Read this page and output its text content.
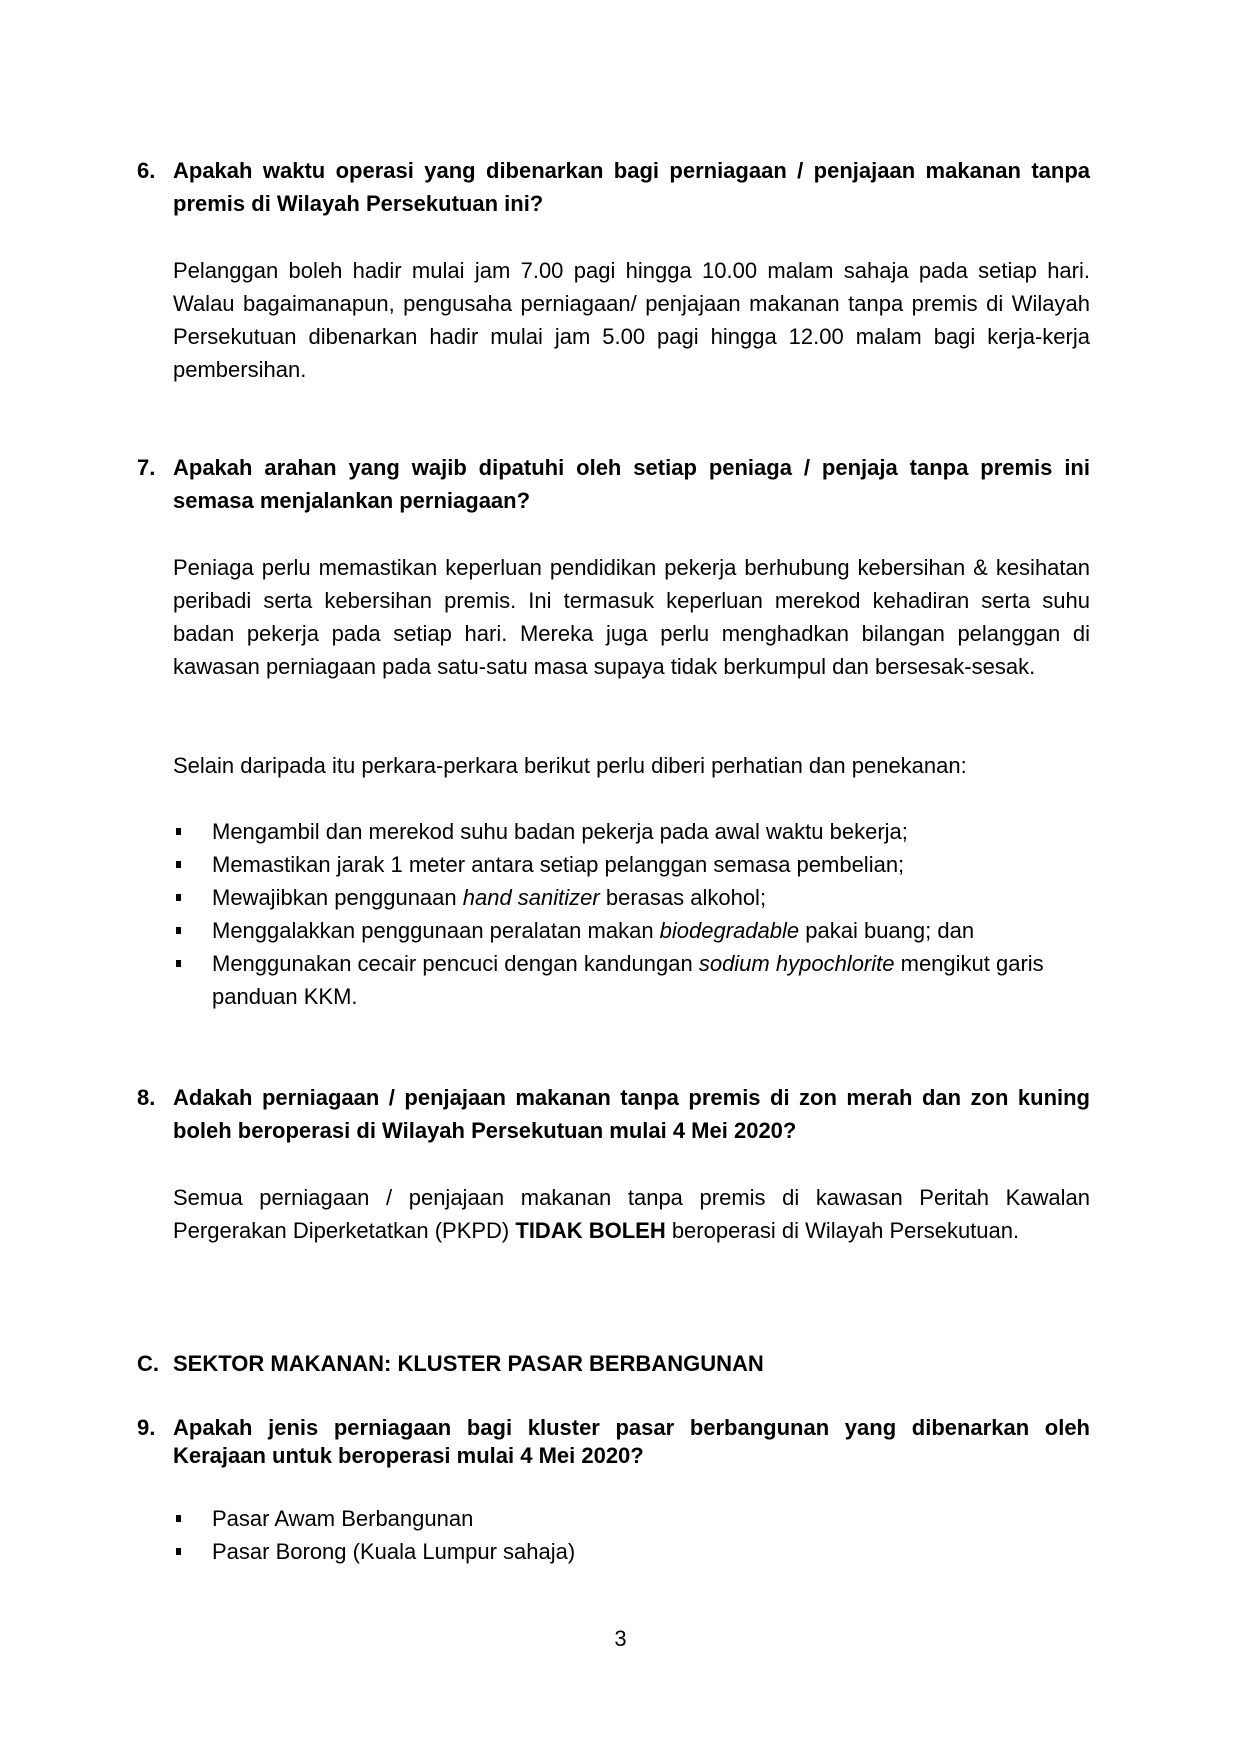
6. Apakah waktu operasi yang dibenarkan bagi perniagaan / penjajaan makanan tanpa premis di Wilayah Persekutuan ini?
Pelanggan boleh hadir mulai jam 7.00 pagi hingga 10.00 malam sahaja pada setiap hari. Walau bagaimanapun, pengusaha perniagaan/ penjajaan makanan tanpa premis di Wilayah Persekutuan dibenarkan hadir mulai jam 5.00 pagi hingga 12.00 malam bagi kerja-kerja pembersihan.
7. Apakah arahan yang wajib dipatuhi oleh setiap peniaga / penjaja tanpa premis ini semasa menjalankan perniagaan?
Peniaga perlu memastikan keperluan pendidikan pekerja berhubung kebersihan & kesihatan peribadi serta kebersihan premis. Ini termasuk keperluan merekod kehadiran serta suhu badan pekerja pada setiap hari. Mereka juga perlu menghadkan bilangan pelanggan di kawasan perniagaan pada satu-satu masa supaya tidak berkumpul dan bersesak-sesak.
Selain daripada itu perkara-perkara berikut perlu diberi perhatian dan penekanan:
Mengambil dan merekod suhu badan pekerja pada awal waktu bekerja;
Memastikan jarak 1 meter antara setiap pelanggan semasa pembelian;
Mewajibkan penggunaan hand sanitizer berasas alkohol;
Menggalakkan penggunaan peralatan makan biodegradable pakai buang; dan
Menggunakan cecair pencuci dengan kandungan sodium hypochlorite mengikut garis panduan KKM.
8. Adakah perniagaan / penjajaan makanan tanpa premis di zon merah dan zon kuning boleh beroperasi di Wilayah Persekutuan mulai 4 Mei 2020?
Semua perniagaan / penjajaan makanan tanpa premis di kawasan Peritah Kawalan Pergerakan Diperketatkan (PKPD) TIDAK BOLEH beroperasi di Wilayah Persekutuan.
C. SEKTOR MAKANAN: KLUSTER PASAR BERBANGUNAN
9. Apakah jenis perniagaan bagi kluster pasar berbangunan yang dibenarkan oleh Kerajaan untuk beroperasi mulai 4 Mei 2020?
Pasar Awam Berbangunan
Pasar Borong (Kuala Lumpur sahaja)
3
